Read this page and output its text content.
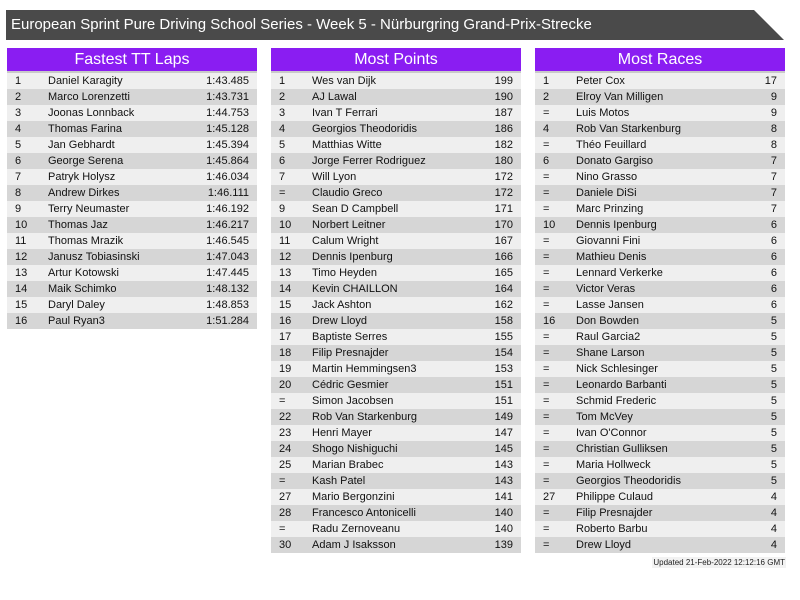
European Sprint Pure Driving School Series - Week 5 - Nürburgring Grand-Prix-Strecke
Fastest TT Laps
1	Daniel Karagity	1:43.485
2	Marco Lorenzetti	1:43.731
3	Joonas Lonnback	1:44.753
4	Thomas Farina	1:45.128
5	Jan Gebhardt	1:45.394
6	George Serena	1:45.864
7	Patryk Holysz	1:46.034
8	Andrew Dirkes	1:46.111
9	Terry Neumaster	1:46.192
10	Thomas Jaz	1:46.217
11	Thomas Mrazik	1:46.545
12	Janusz Tobiasinski	1:47.043
13	Artur Kotowski	1:47.445
14	Maik Schimko	1:48.132
15	Daryl Daley	1:48.853
16	Paul Ryan3	1:51.284
Most Points
1	Wes van Dijk	199
2	AJ Lawal	190
3	Ivan T Ferrari	187
4	Georgios Theodoridis	186
5	Matthias Witte	182
6	Jorge Ferrer Rodriguez	180
7	Will Lyon	172
=	Claudio Greco	172
9	Sean D Campbell	171
10	Norbert Leitner	170
11	Calum Wright	167
12	Dennis Ipenburg	166
13	Timo Heyden	165
14	Kevin CHAILLON	164
15	Jack Ashton	162
16	Drew Lloyd	158
17	Baptiste Serres	155
18	Filip Presnajder	154
19	Martin Hemmingsen3	153
20	Cédric Gesmier	151
=	Simon Jacobsen	151
22	Rob Van Starkenburg	149
23	Henri Mayer	147
24	Shogo Nishiguchi	145
25	Marian Brabec	143
=	Kash Patel	143
27	Mario Bergonzini	141
28	Francesco Antonicelli	140
=	Radu Zernoveanu	140
30	Adam J Isaksson	139
Most Races
1	Peter Cox	17
2	Elroy Van Milligen	9
=	Luis Motos	9
4	Rob Van Starkenburg	8
=	Théo Feuillard	8
6	Donato Gargiso	7
=	Nino Grasso	7
=	Daniele DiSi	7
=	Marc Prinzing	7
10	Dennis Ipenburg	6
=	Giovanni Fini	6
=	Mathieu Denis	6
=	Lennard Verkerke	6
=	Victor Veras	6
=	Lasse Jansen	6
16	Don Bowden	5
=	Raul Garcia2	5
=	Shane Larson	5
=	Nick Schlesinger	5
=	Leonardo Barbanti	5
=	Schmid Frederic	5
=	Tom McVey	5
=	Ivan O'Connor	5
=	Christian Gulliksen	5
=	Maria Hollweck	5
=	Georgios Theodoridis	5
27	Philippe Culaud	4
=	Filip Presnajder	4
=	Roberto Barbu	4
=	Drew Lloyd	4
Updated 21-Feb-2022 12:12:16 GMT
